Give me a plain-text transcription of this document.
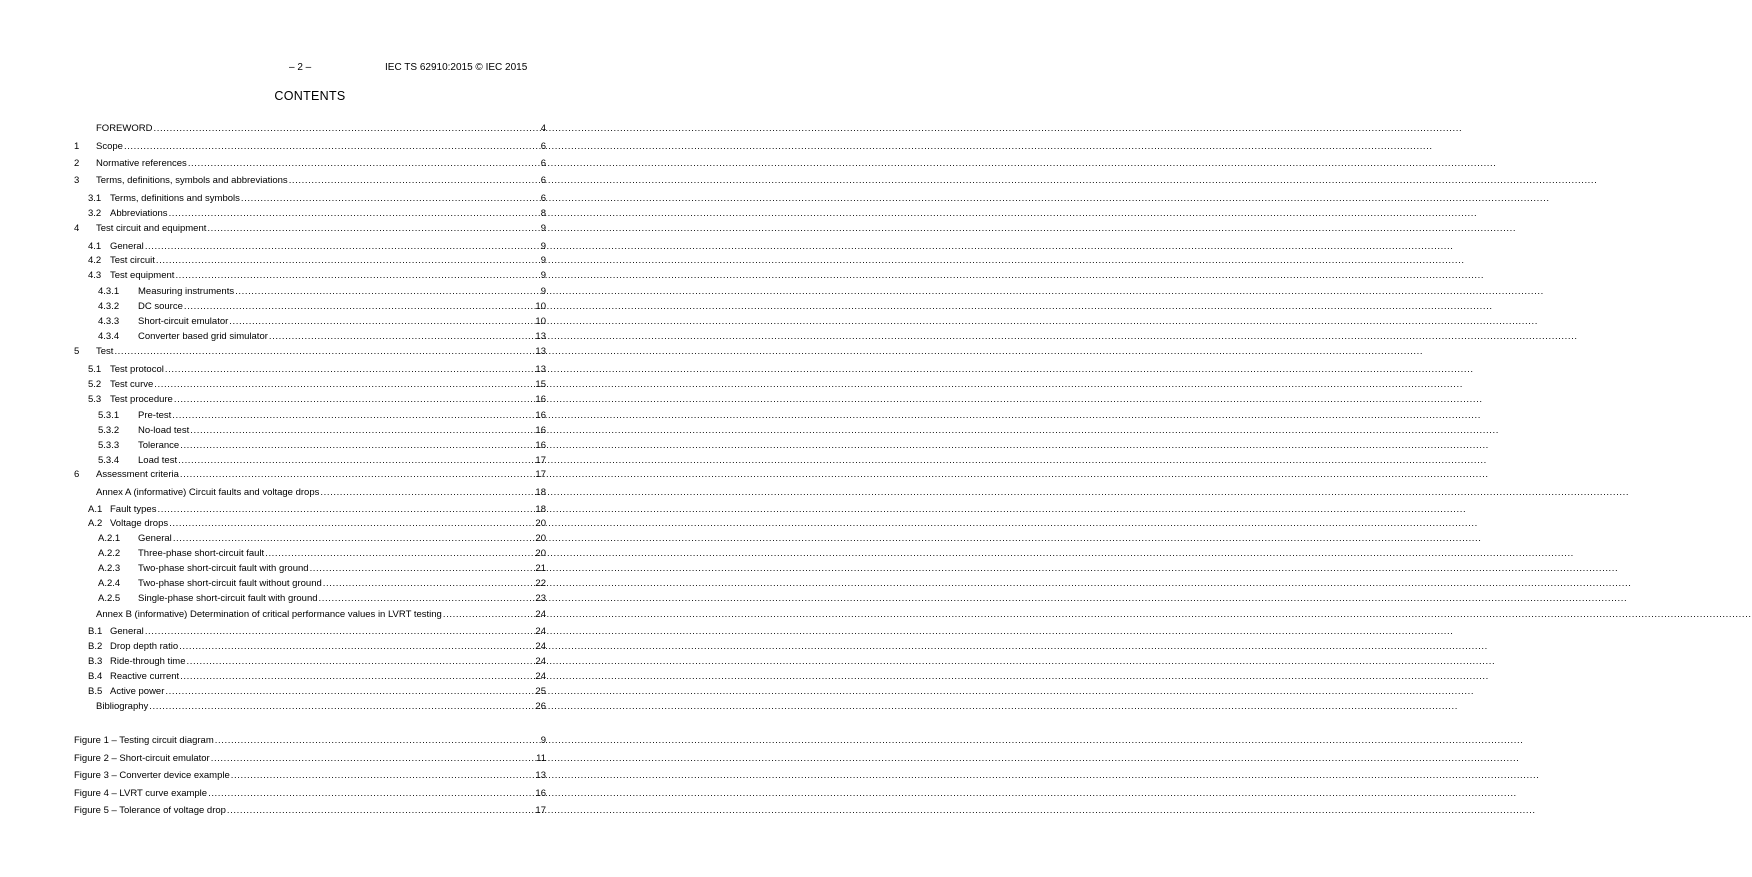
– 2 –	IEC TS 62910:2015 © IEC 2015
CONTENTS
FOREWORD .....	4
1	Scope .....	6
2	Normative references .....	6
3	Terms, definitions, symbols and abbreviations .....	6
3.1 Terms, definitions and symbols .....	6
3.2 Abbreviations .....	8
4	Test circuit and equipment .....	9
4.1 General .....	9
4.2 Test circuit .....	9
4.3 Test equipment .....	9
4.3.1	Measuring instruments .....	9
4.3.2	DC source .....	10
4.3.3	Short-circuit emulator .....	10
4.3.4	Converter based grid simulator .....	13
5	Test .....	13
5.1 Test protocol .....	13
5.2 Test curve .....	15
5.3 Test procedure .....	16
5.3.1	Pre-test .....	16
5.3.2	No-load test .....	16
5.3.3	Tolerance .....	16
5.3.4	Load test .....	17
6	Assessment criteria .....	17
Annex A (informative) Circuit faults and voltage drops .....	18
A.1 Fault types .....	18
A.2 Voltage drops .....	20
A.2.1	General .....	20
A.2.2	Three-phase short-circuit fault .....	20
A.2.3	Two-phase short-circuit fault with ground .....	21
A.2.4	Two-phase short-circuit fault without ground .....	22
A.2.5	Single-phase short-circuit fault with ground .....	23
Annex B (informative) Determination of critical performance values in LVRT testing .....	24
B.1 General .....	24
B.2 Drop depth ratio .....	24
B.3 Ride-through time .....	24
B.4 Reactive current .....	24
B.5 Active power .....	25
Bibliography .....	26
Figure 1 – Testing circuit diagram .....	9
Figure 2 – Short-circuit emulator .....	11
Figure 3 – Converter device example .....	13
Figure 4 – LVRT curve example .....	16
Figure 5 – Tolerance of voltage drop .....	17
